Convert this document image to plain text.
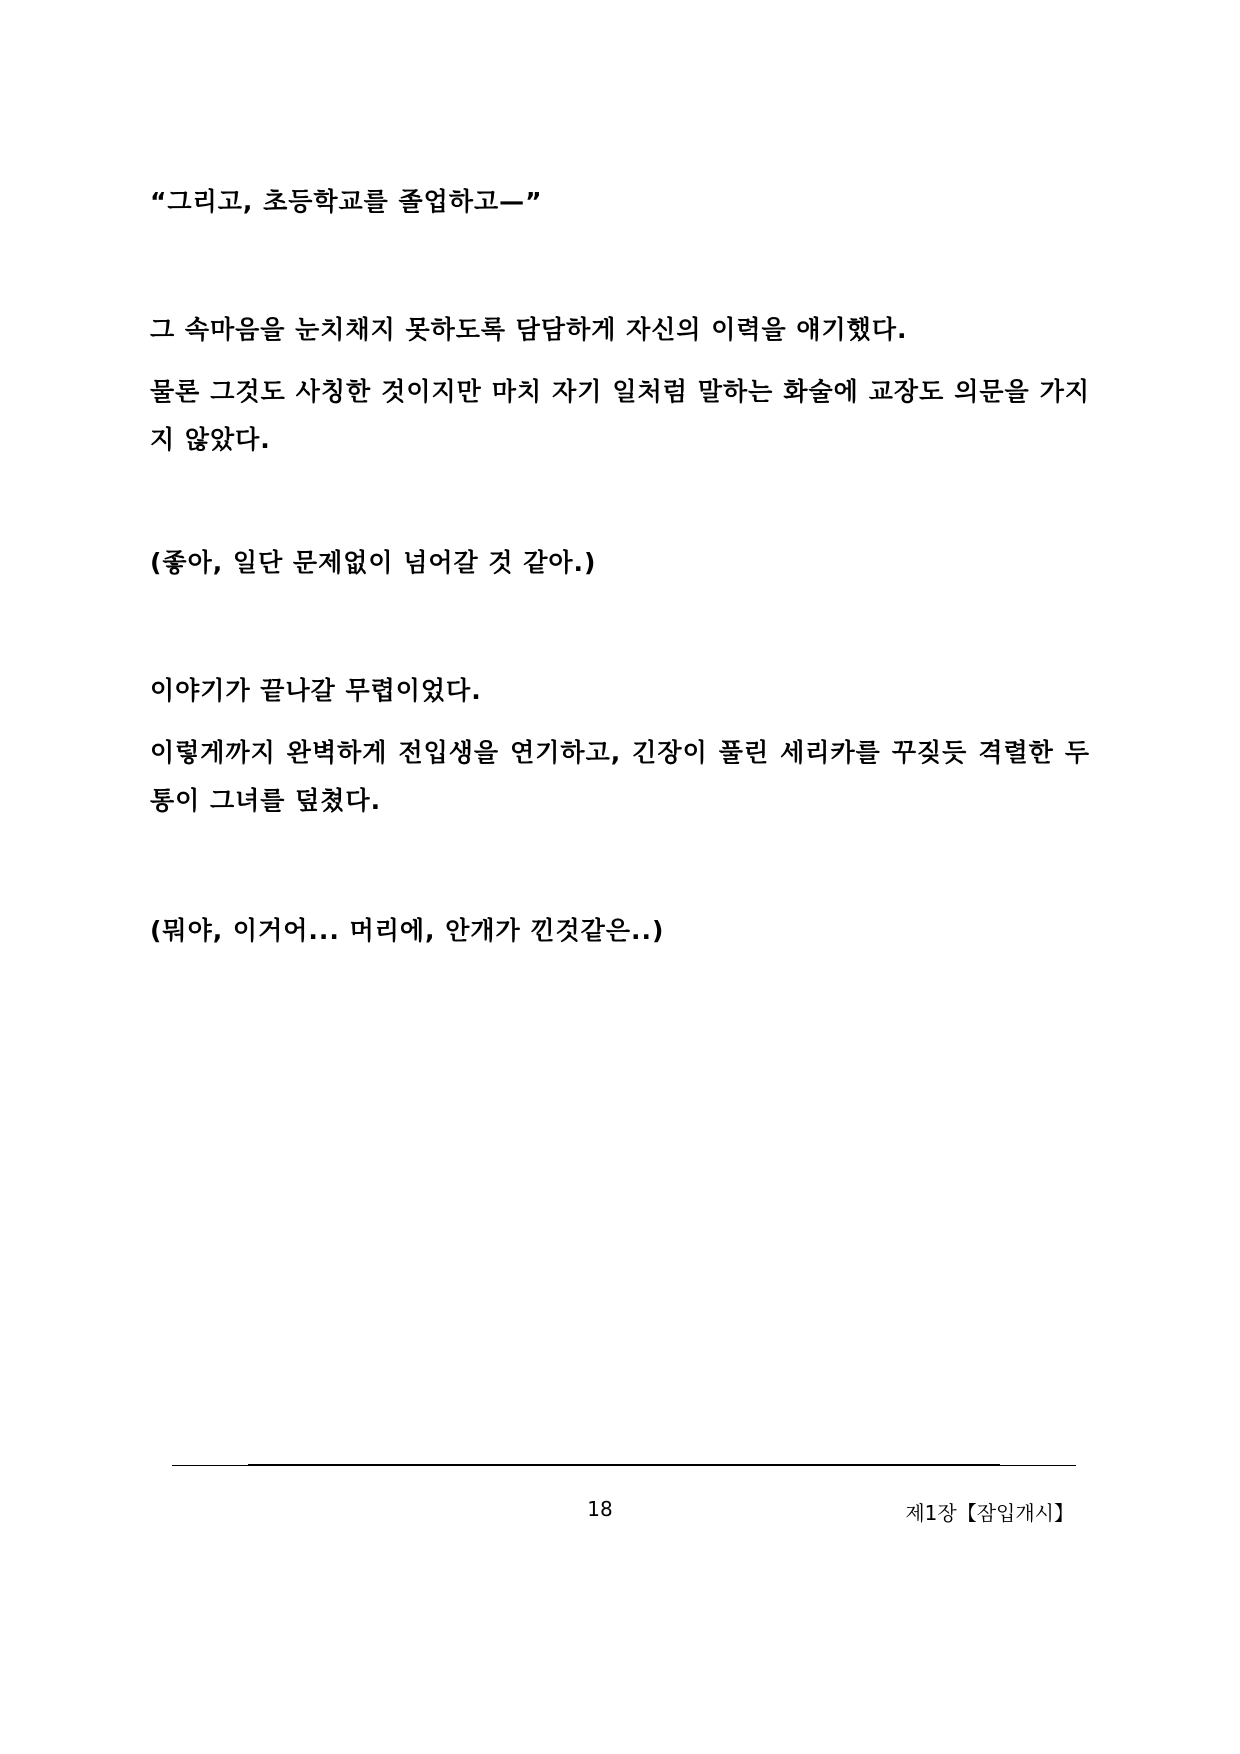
“그리고, 초등학교를 졸업하고—”

그 속마음을 눈치채지 못하도록 담담하게 자신의 이력을 얘기했다.

물론 그것도 사칭한 것이지만 마치 자기 일처럼 말하는 화술에 교장도 의문을 가지지 않았다.

(좋아, 일단 문제없이 넘어갈 것 같아.)

이야기가 끝나갈 무렵이었다.

이렇게까지 완벽하게 전입생을 연기하고, 긴장이 풀린 세리카를 꾸짖듯 격렬한 두통이 그녀를 덮쳤다.

(뭐야, 이거어... 머리에, 안개가 낀것같은..)

18	제1장【잠입개시】
